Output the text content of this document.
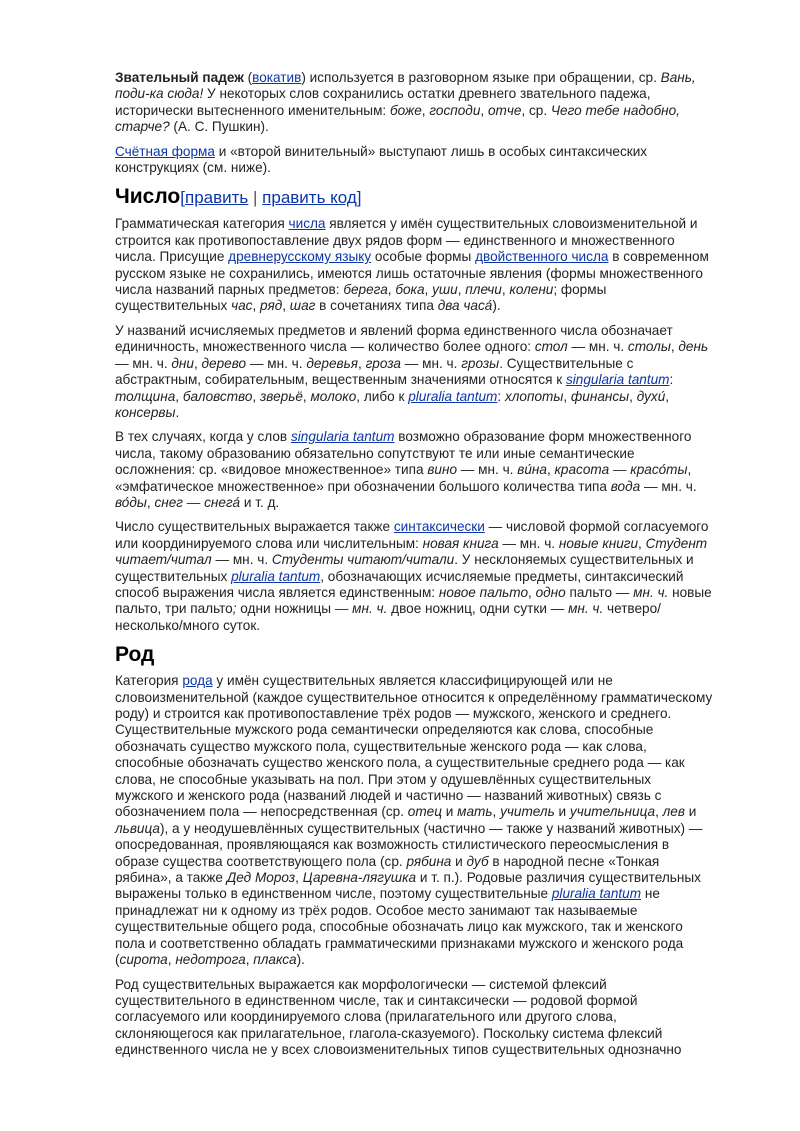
Звательный падеж (вокатив) используется в разговорном языке при обращении, ср. Вань, поди-ка сюда! У некоторых слов сохранились остатки древнего звательного падежа, исторически вытесненного именительным: боже, господи, отче, ср. Чего тебе надобно, старче? (А. С. Пушкин).

Счётная форма и «второй винительный» выступают лишь в особых синтаксических конструкциях (см. ниже).

Число[править | править код]

Грамматическая категория числа является у имён существительных словоизменительной и строится как противопоставление двух рядов форм — единственного и множественного числа. Присущие древнерусскому языку особые формы двойственного числа в современном русском языке не сохранились, имеются лишь остаточные явления (формы множественного числа названий парных предметов: берега, бока, уши, плечи, колени; формы существительных час, ряд, шаг в сочетаниях типа два часа́).

У названий исчисляемых предметов и явлений форма единственного числа обозначает единичность, множественного числа — количество более одного: стол — мн. ч. столы, день — мн. ч. дни, дерево — мн. ч. деревья, гроза — мн. ч. грозы. Существительные с абстрактным, собирательным, вещественным значениями относятся к singularia tantum: толщина, баловство, зверьё, молоко, либо к pluralia tantum: хлопоты, финансы, духи́, консервы.

В тех случаях, когда у слов singularia tantum возможно образование форм множественного числа, такому образованию обязательно сопутствуют те или иные семантические осложнения: ср. «видовое множественное» типа вино — мн. ч. ви́на, красота — красо́ты, «эмфатическое множественное» при обозначении большого количества типа вода — мн. ч. во́ды, снег — снега́ и т. д.

Число существительных выражается также синтаксически — числовой формой согласуемого или координируемого слова или числительным: новая книга — мн. ч. новые книги, Студент читает/читал — мн. ч. Студенты читают/читали. У несклоняемых существительных и существительных pluralia tantum, обозначающих исчисляемые предметы, синтаксический способ выражения числа является единственным: новое пальто, одно пальто — мн. ч. новые пальто, три пальто; одни ножницы — мн. ч. двое ножниц, одни сутки — мн. ч. четверо/несколько/много суток.

Род

Категория рода у имён существительных является классифицирующей или не словоизменительной (каждое существительное относится к определённому грамматическому роду) и строится как противопоставление трёх родов — мужского, женского и среднего. Существительные мужского рода семантически определяются как слова, способные обозначать существо мужского пола, существительные женского рода — как слова, способные обозначать существо женского пола, а существительные среднего рода — как слова, не способные указывать на пол. При этом у одушевлённых существительных мужского и женского рода (названий людей и частично — названий животных) связь с обозначением пола — непосредственная (ср. отец и мать, учитель и учительница, лев и львица), а у неодушевлённых существительных (частично — также у названий животных) — опосредованная, проявляющаяся как возможность стилистического переосмысления в образе существа соответствующего пола (ср. рябина и дуб в народной песне «Тонкая рябина», а также Дед Мороз, Царевна-лягушка и т. п.). Родовые различия существительных выражены только в единственном числе, поэтому существительные pluralia tantum не принадлежат ни к одному из трёх родов. Особое место занимают так называемые существительные общего рода, способные обозначать лицо как мужского, так и женского пола и соответственно обладать грамматическими признаками мужского и женского рода (сирота, недотрога, плакса).

Род существительных выражается как морфологически — системой флексий существительного в единственном числе, так и синтаксически — родовой формой согласуемого или координируемого слова (прилагательного или другого слова, склоняющегося как прилагательное, глагола-сказуемого). Поскольку система флексий единственного числа не у всех словоизменительных типов существительных однозначно
